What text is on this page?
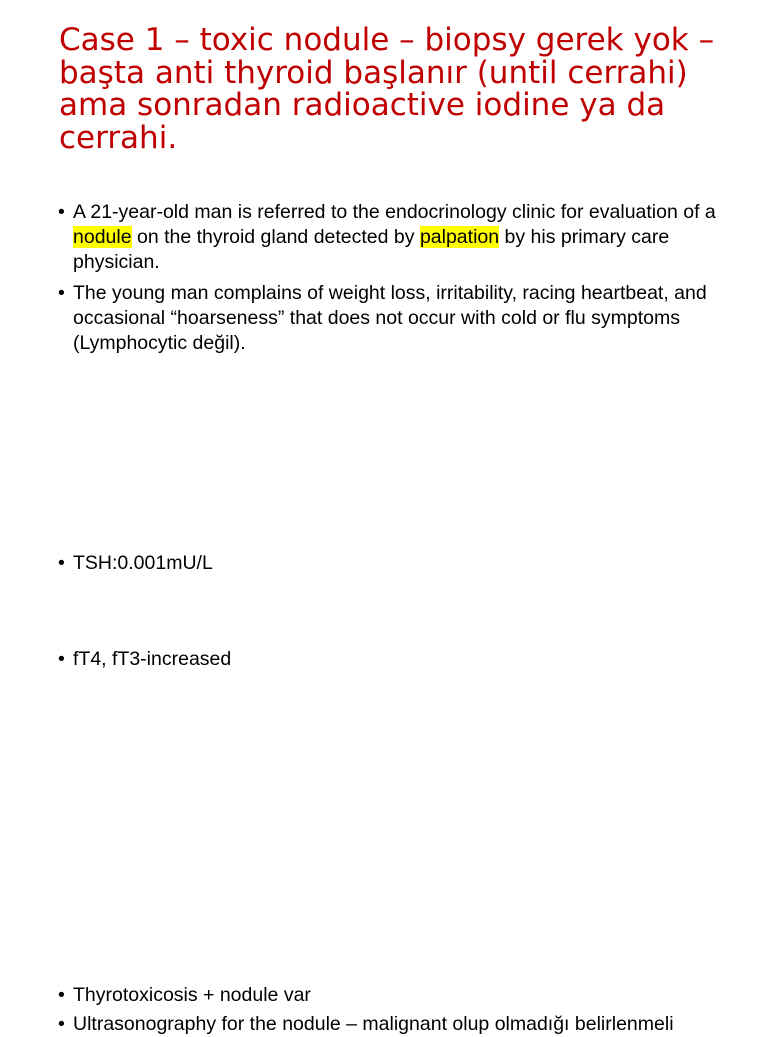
Case 1 – toxic nodule – biopsy gerek yok – başta anti thyroid başlanır (until cerrahi) ama sonradan radioactive iodine ya da cerrahi.
• A 21-year-old man is referred to the endocrinology clinic for evaluation of a nodule on the thyroid gland detected by palpation by his primary care physician.
• The young man complains of weight loss, irritability, racing heartbeat, and occasional “hoarseness” that does not occur with cold or flu symptoms (Lymphocytic değil).
• TSH:0.001mU/L
• fT4, fT3-increased
• Thyrotoxicosis + nodule var
• Ultrasonography for the nodule – malignant olup olmadığı belirlenmeli
